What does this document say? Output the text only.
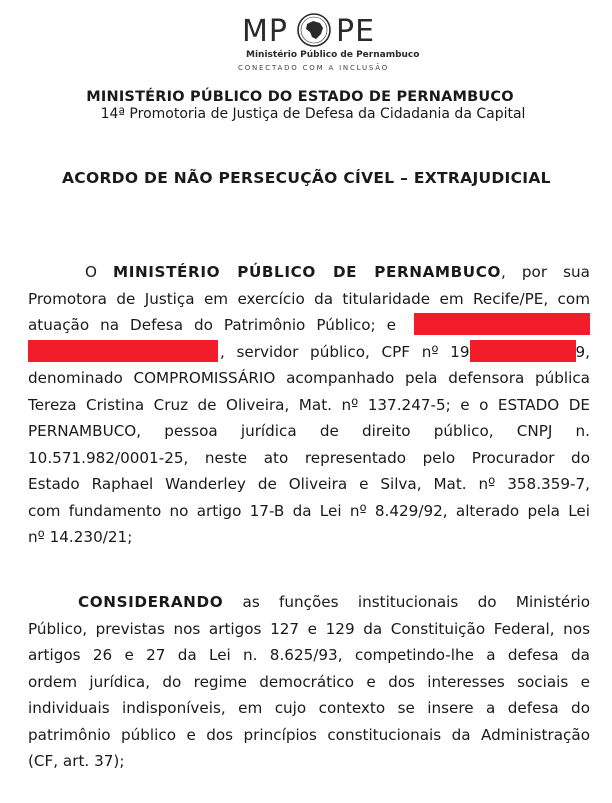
MP PE
Ministério Público de Pernambuco
CONECTADO COM A INCLUSÃO
MINISTÉRIO PÚBLICO DO ESTADO DE PERNAMBUCO
14ª Promotoria de Justiça de Defesa da Cidadania da Capital
ACORDO DE NÃO PERSECUÇÃO CÍVEL – EXTRAJUDICIAL
O MINISTÉRIO PÚBLICO DE PERNAMBUCO, por sua
Promotora de Justiça em exercício da titularidade em Recife/PE, com
atuação na Defesa do Patrimônio Público; e
, servidor público, CPF nº 19	9,
denominado COMPROMISSÁRIO acompanhado pela defensora pública
Tereza Cristina Cruz de Oliveira, Mat. nº 137.247-5; e o ESTADO DE
PERNAMBUCO, pessoa jurídica de direito público, CNPJ n.
10.571.982/0001-25, neste ato representado pelo Procurador do
Estado Raphael Wanderley de Oliveira e Silva, Mat. nº 358.359-7,
com fundamento no artigo 17-B da Lei nº 8.429/92, alterado pela Lei
nº 14.230/21;
CONSIDERANDO as funções institucionais do Ministério
Público, previstas nos artigos 127 e 129 da Constituição Federal, nos
artigos 26 e 27 da Lei n. 8.625/93, competindo-lhe a defesa da
ordem jurídica, do regime democrático e dos interesses sociais e
individuais indisponíveis, em cujo contexto se insere a defesa do
patrimônio público e dos princípios constitucionais da Administração
(CF, art. 37);
